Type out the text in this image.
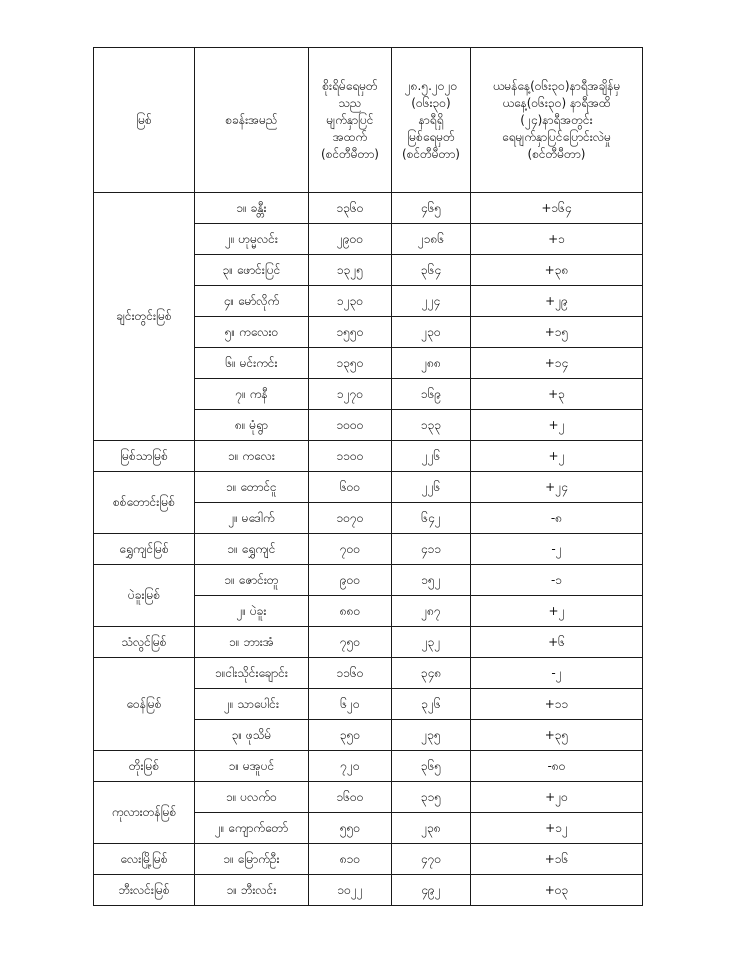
မြစ်	စခန်းအမည်	စိုးရိမ်ရေမှတ်
သည
မျက်နှာပြင်
အထက်
(စင်တီမီတာ)	၂၈.၅.၂၀၂၀
(၀၆း၃၀)
နာရီရှိ
မြစ်ရေမှတ်
(စင်တီမီတာ)	ယမန်နေ့(၀၆း၃၀)နာရီအချိန်မှ
ယနေ့(၀၆း၃၀) နာရီအထိ
(၂၄)နာရီအတွင်း
ရေမျက်နှာပြင်ပြောင်းလဲမှု
(စင်တီမီတာ)
ချင်းတွင်းမြစ်	၁။ ခန္တီး	၁၃၆၀	၄၆၅	+၁၆၄
	၂။ ဟုမ္မလင်း	၂၉၀၀	၂၁၈၆	+၁
	၃။ ဖောင်းပြင်	၁၃၂၅	၃၆၄	+၃၈
	၄။ မော်လိုက်	၁၂၃၀	၂၂၄	+၂၉
	၅။ ကလေးဝ	၁၅၅၀	၂၃၀	+၁၅
	၆။ မင်းကင်း	၁၃၅၀	၂၈၈	+၁၄
	၇။ ကနီ	၁၂၇၀	၁၆၉	+၃
	၈။ မုံရွာ	၁၀၀၀	၁၃၃	+၂
မြစ်သာမြစ်	၁။ ကလေး	၁၁၀၀	၂၂၆	+၂
စစ်တောင်းမြစ်	၁။ တောင်ငူ	၆၀၀	၂၂၆	+၂၄
	၂။ မဒေါက်	၁၀၇၀	၆၄၂	-၈
ရွှေကျင်မြစ်	၁။ ရွှေကျင်	၇၀၀	၄၁၁	-၂
ပဲခူးမြစ်	၁။ ဇောင်းတူ	၉၀၀	၁၅၂	-၁
	၂။ ပဲခူး	၈၈၀	၂၈၇	+၂
သံလွင်မြစ်	၁။ ဘားအံ	၇၅၀	၂၃၂	+၆
ဝေန်မြစ်	၁။ငါးသိုင်းချောင်း	၁၁၆၀	၃၄၈	-၂
	၂။ သာပေါင်း	၆၂၀	၃၂၆	+၁၁
	၃။ ဖုသိမ်	၃၅၀	၂၃၅	+၃၅
တိုးမြစ်	၁။ မအူပင်	၇၂၀	၃၆၅	-၈၀
ကုလားတန်မြစ်	၁။ ပလက်ဝ	၁၆၀၀	၃၁၅	+၂၀
	၂။ ကျောက်တော်	၅၅၀	၂၃၈	+၁၂
လေးမြို့မြစ်	၁။ မြောက်ဦး	၈၁၀	၄၇၀	+၁၆
ဘီးလင်းမြစ်	၁။ ဘီးလင်း	၁၀၂၂	၄၉၂	+၀၃
